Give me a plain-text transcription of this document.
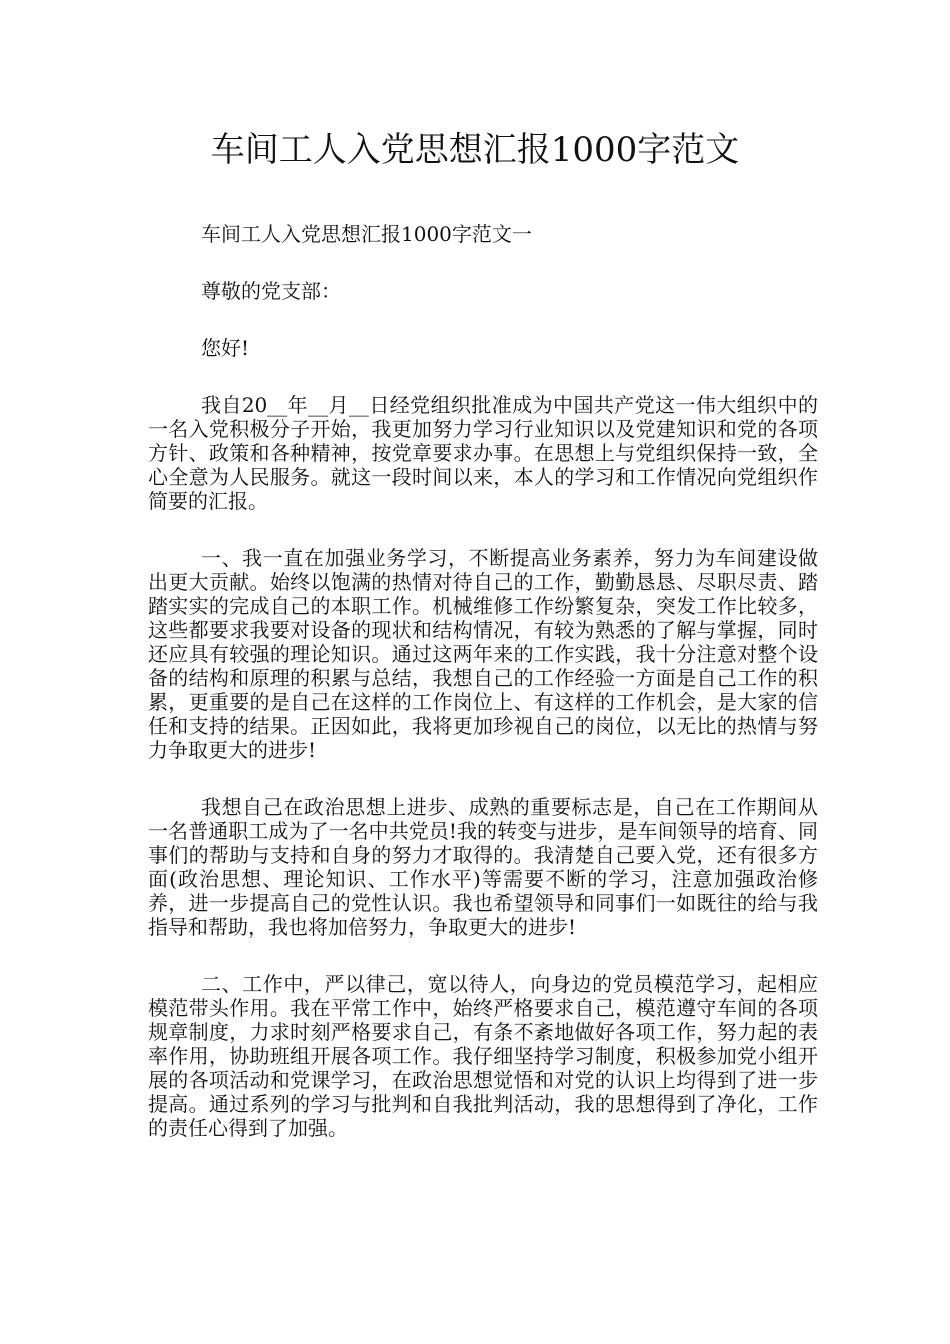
车间工人入党思想汇报1000字范文

车间工人入党思想汇报1000字范文一

尊敬的党支部：

您好!

我自20__年__月__日经党组织批准成为中国共产党这一伟大组织中的一名入党积极分子开始，我更加努力学习行业知识以及党建知识和党的各项方针、政策和各种精神，按党章要求办事。在思想上与党组织保持一致，全心全意为人民服务。就这一段时间以来，本人的学习和工作情况向党组织作简要的汇报。

一、我一直在加强业务学习，不断提高业务素养，努力为车间建设做出更大贡献。始终以饱满的热情对待自己的工作，勤勤恳恳、尽职尽责、踏踏实实的完成自己的本职工作。机械维修工作纷繁复杂，突发工作比较多，这些都要求我要对设备的现状和结构情况，有较为熟悉的了解与掌握，同时还应具有较强的理论知识。通过这两年来的工作实践，我十分注意对整个设备的结构和原理的积累与总结，我想自己的工作经验一方面是自己工作的积累，更重要的是自己在这样的工作岗位上、有这样的工作机会，是大家的信任和支持的结果。正因如此，我将更加珍视自己的岗位，以无比的热情与努力争取更大的进步!

我想自己在政治思想上进步、成熟的重要标志是，自己在工作期间从一名普通职工成为了一名中共党员!我的转变与进步，是车间领导的培育、同事们的帮助与支持和自身的努力才取得的。我清楚自己要入党，还有很多方面(政治思想、理论知识、工作水平)等需要不断的学习，注意加强政治修养，进一步提高自己的党性认识。我也希望领导和同事们一如既往的给与我指导和帮助，我也将加倍努力，争取更大的进步!

二、工作中，严以律己，宽以待人，向身边的党员模范学习，起相应模范带头作用。我在平常工作中，始终严格要求自己，模范遵守车间的各项规章制度，力求时刻严格要求自己，有条不紊地做好各项工作，努力起的表率作用，协助班组开展各项工作。我仔细坚持学习制度，积极参加党小组开展的各项活动和党课学习，在政治思想觉悟和对党的认识上均得到了进一步提高。通过系列的学习与批判和自我批判活动，我的思想得到了净化，工作的责任心得到了加强。
